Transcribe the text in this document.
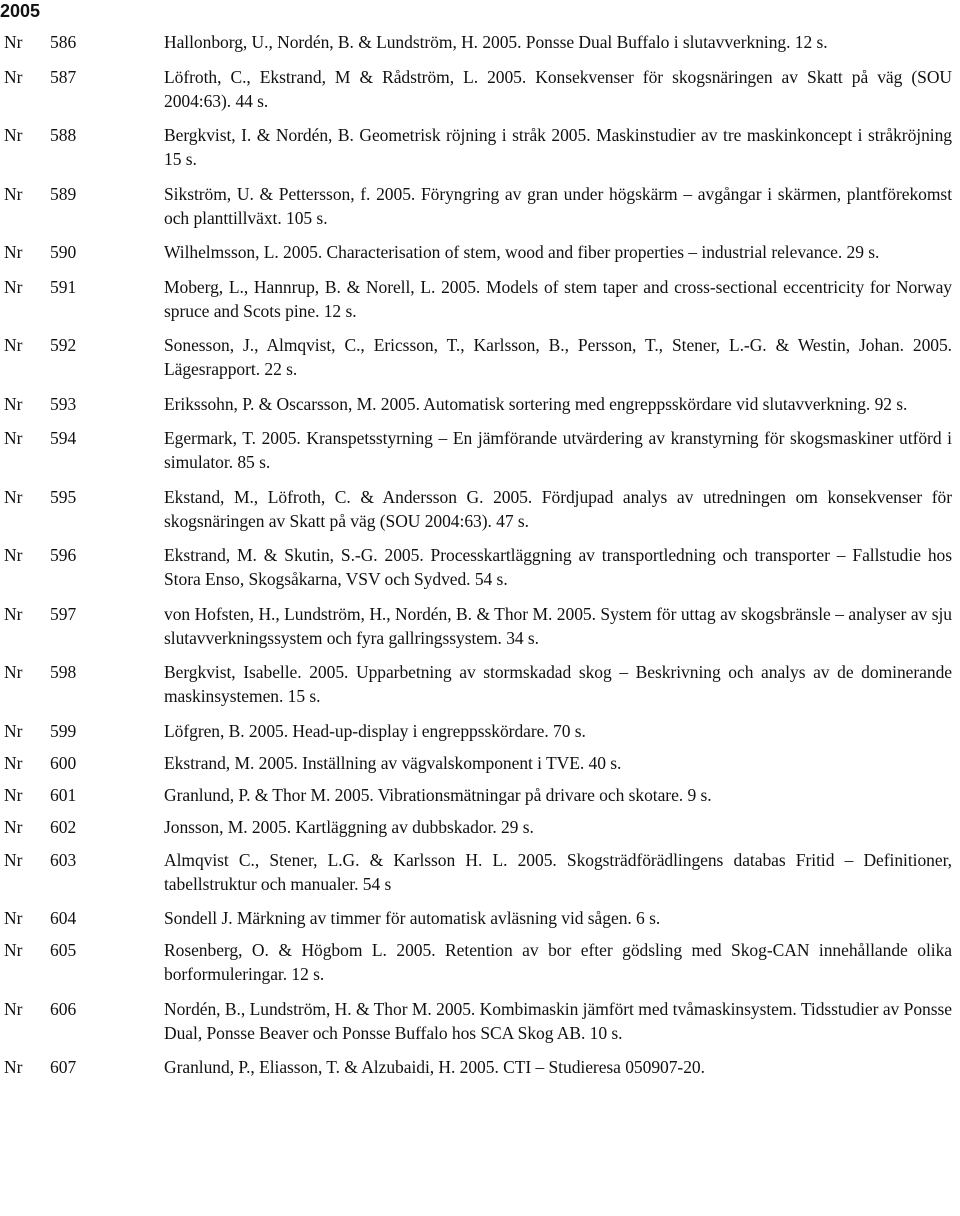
2005
Nr	586	Hallonborg, U., Nordén, B. & Lundström, H. 2005. Ponsse Dual Buffalo i slutavverkning. 12 s.
Nr	587	Löfroth, C., Ekstrand, M & Rådström, L. 2005. Konsekvenser för skogsnäringen av Skatt på väg (SOU 2004:63). 44 s.
Nr	588	Bergkvist, I. & Nordén, B. Geometrisk röjning i stråk 2005. Maskinstudier av tre maskinkoncept i stråkröjning 15 s.
Nr	589	Sikström, U. & Pettersson, f. 2005. Föryngring av gran under högskärm – avgångar i skärmen, plantförekomst och planttillväxt. 105 s.
Nr	590	Wilhelmsson, L. 2005. Characterisation of stem, wood and fiber properties – industrial relevance. 29 s.
Nr	591	Moberg, L., Hannrup, B. & Norell, L. 2005. Models of stem taper and cross-sectional eccentricity for Norway spruce and Scots pine. 12 s.
Nr	592	Sonesson, J., Almqvist, C., Ericsson, T., Karlsson, B., Persson, T., Stener, L.-G. & Westin, Johan. 2005. Lägesrapport. 22 s.
Nr	593	Erikssohn, P. & Oscarsson, M. 2005. Automatisk sortering med engreppsskördare vid slutavverkning. 92 s.
Nr	594	Egermark, T. 2005. Kranspetsstyrning – En jämförande utvärdering av kranstyrning för skogsmaskiner utförd i simulator. 85 s.
Nr	595	Ekstand, M., Löfroth, C. & Andersson G. 2005. Fördjupad analys av utredningen om konsekvenser för skogsnäringen av Skatt på väg (SOU 2004:63). 47 s.
Nr	596	Ekstrand, M. & Skutin, S.-G. 2005. Processkartläggning av transportledning och transporter – Fallstudie hos Stora Enso, Skogsåkarna, VSV och Sydved. 54 s.
Nr	597	von Hofsten, H., Lundström, H., Nordén, B. & Thor M. 2005. System för uttag av skogsbränsle – analyser av sju slutavverkningssystem och fyra gallringssystem. 34 s.
Nr	598	Bergkvist, Isabelle. 2005. Upparbetning av stormskadad skog – Beskrivning och analys av de dominerande maskinsystemen. 15 s.
Nr	599	Löfgren, B. 2005. Head-up-display i engreppsskördare. 70 s.
Nr	600	Ekstrand, M. 2005. Inställning av vägvalskomponent i TVE. 40 s.
Nr	601	Granlund, P. & Thor M. 2005. Vibrationsmätningar på drivare och skotare. 9 s.
Nr	602	Jonsson, M. 2005. Kartläggning av dubbskador. 29 s.
Nr	603	Almqvist C., Stener, L.G. & Karlsson H. L. 2005. Skogsträdförädlingens databas Fritid – Definitioner, tabellstruktur och manualer. 54 s
Nr	604	Sondell J. Märkning av timmer för automatisk avläsning vid sågen. 6 s.
Nr	605	Rosenberg, O. & Högbom L. 2005. Retention av bor efter gödsling med Skog-CAN innehållande olika borformuleringar. 12 s.
Nr	606	Nordén, B., Lundström, H. & Thor M. 2005. Kombimaskin jämfört med tvåmaskinsystem. Tidsstudier av Ponsse Dual, Ponsse Beaver och Ponsse Buffalo hos SCA Skog AB. 10 s.
Nr	607	Granlund, P., Eliasson, T. & Alzubaidi, H. 2005. CTI – Studieresa 050907-20.
